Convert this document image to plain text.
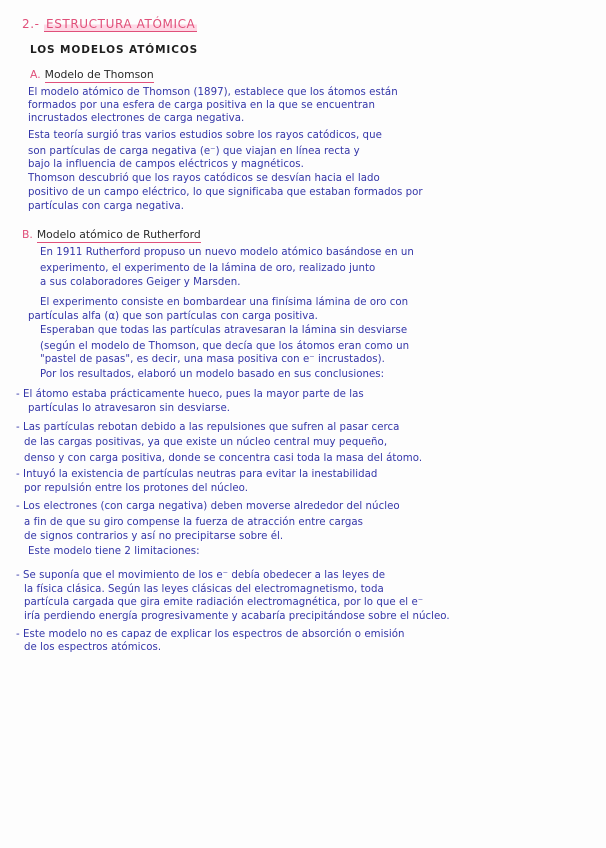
2.- ESTRUCTURA ATÓMICA
LOS MODELOS ATÓMICOS
A. Modelo de Thomson
El modelo atómico de Thomson (1897), establece que los átomos están
formados por una esfera de carga positiva en la que se encuentran
incrustados electrones de carga negativa.
Esta teoría surgió tras varios estudios sobre los rayos catódicos, que
son partículas de carga negativa (e⁻) que viajan en línea recta y
bajo la influencia de campos eléctricos y magnéticos.
Thomson descubrió que los rayos catódicos se desvían hacia el lado
positivo de un campo eléctrico, lo que significaba que estaban formados por
partículas con carga negativa.
B. Modelo atómico de Rutherford
En 1911 Rutherford propuso un nuevo modelo atómico basándose en un
experimento, el experimento de la lámina de oro, realizado junto
a sus colaboradores Geiger y Marsden.
El experimento consiste en bombardear una finísima lámina de oro con
partículas alfa (α) que son partículas con carga positiva.
Esperaban que todas las partículas atravesaran la lámina sin desviarse
(según el modelo de Thomson, que decía que los átomos eran como un
"pastel de pasas", es decir, una masa positiva con e⁻ incrustados).
Por los resultados, elaboró un modelo basado en sus conclusiones:
- El átomo estaba prácticamente hueco, pues la mayor parte de las
partículas lo atravesaron sin desviarse.
- Las partículas rebotan debido a las repulsiones que sufren al pasar cerca
de las cargas positivas, ya que existe un núcleo central muy pequeño,
denso y con carga positiva, donde se concentra casi toda la masa del átomo.
- Intuyó la existencia de partículas neutras para evitar la inestabilidad
por repulsión entre los protones del núcleo.
- Los electrones (con carga negativa) deben moverse alrededor del núcleo
a fin de que su giro compense la fuerza de atracción entre cargas
de signos contrarios y así no precipitarse sobre él.
Este modelo tiene 2 limitaciones:
- Se suponía que el movimiento de los e⁻ debía obedecer a las leyes de
la física clásica. Según las leyes clásicas del electromagnetismo, toda
partícula cargada que gira emite radiación electromagnética, por lo que el e⁻
iría perdiendo energía progresivamente y acabaría precipitándose sobre el núcleo.
- Este modelo no es capaz de explicar los espectros de absorción o emisión
de los espectros atómicos.
